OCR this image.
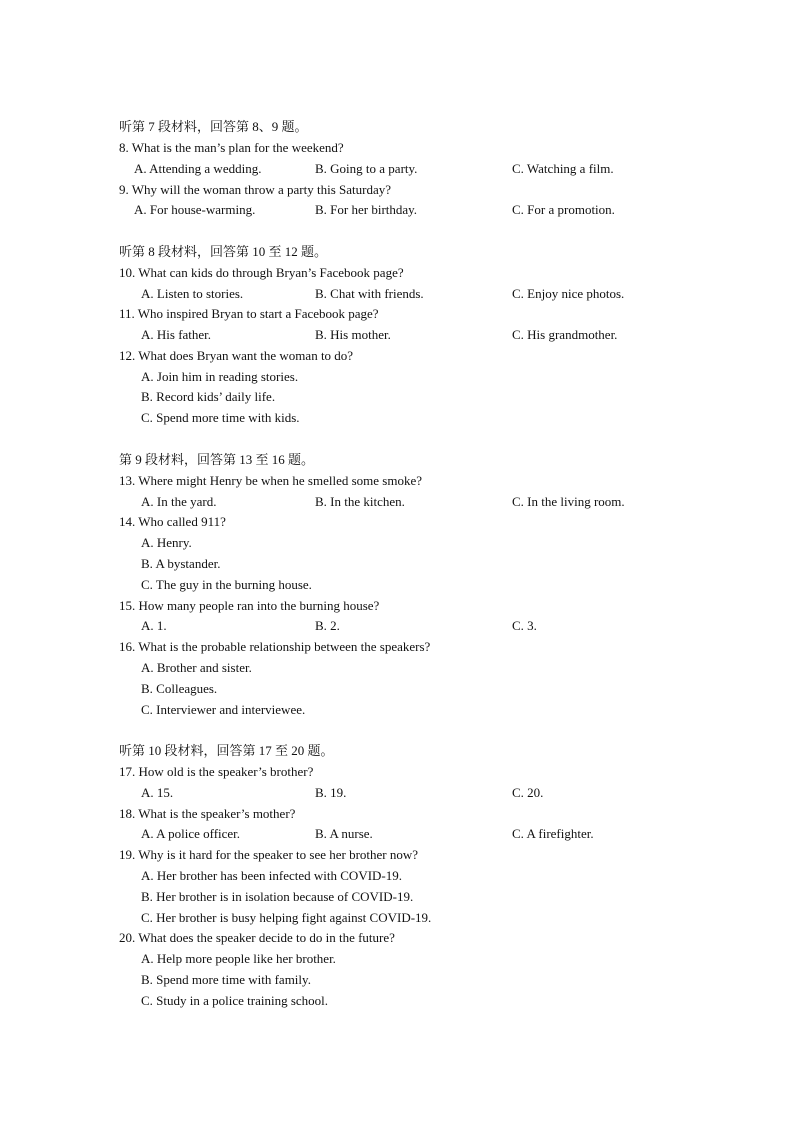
听第 7 段材料，回答第 8、9 题。
8. What is the man’s plan for the weekend?
A. Attending a wedding.	B. Going to a party.	C. Watching a film.
9. Why will the woman throw a party this Saturday?
A. For house-warming.	B. For her birthday.	C. For a promotion.
听第 8 段材料，回答第 10 至 12 题。
10. What can kids do through Bryan’s Facebook page?
A. Listen to stories.	B. Chat with friends.	C. Enjoy nice photos.
11. Who inspired Bryan to start a Facebook page?
A. His father.	B. His mother.	C. His grandmother.
12. What does Bryan want the woman to do?
A. Join him in reading stories.
B. Record kids’ daily life.
C. Spend more time with kids.
第 9 段材料，回答第 13 至 16 题。
13. Where might Henry be when he smelled some smoke?
A. In the yard.	B. In the kitchen.	C. In the living room.
14. Who called 911?
A. Henry.
B. A bystander.
C. The guy in the burning house.
15. How many people ran into the burning house?
A. 1.	B. 2.	C. 3.
16. What is the probable relationship between the speakers?
A. Brother and sister.
B. Colleagues.
C. Interviewer and interviewee.
听第 10 段材料，回答第 17 至 20 题。
17. How old is the speaker’s brother?
A. 15.	B. 19.	C. 20.
18. What is the speaker’s mother?
A. A police officer.	B. A nurse.	C. A firefighter.
19. Why is it hard for the speaker to see her brother now?
A. Her brother has been infected with COVID-19.
B. Her brother is in isolation because of COVID-19.
C. Her brother is busy helping fight against COVID-19.
20. What does the speaker decide to do in the future?
A. Help more people like her brother.
B. Spend more time with family.
C. Study in a police training school.
